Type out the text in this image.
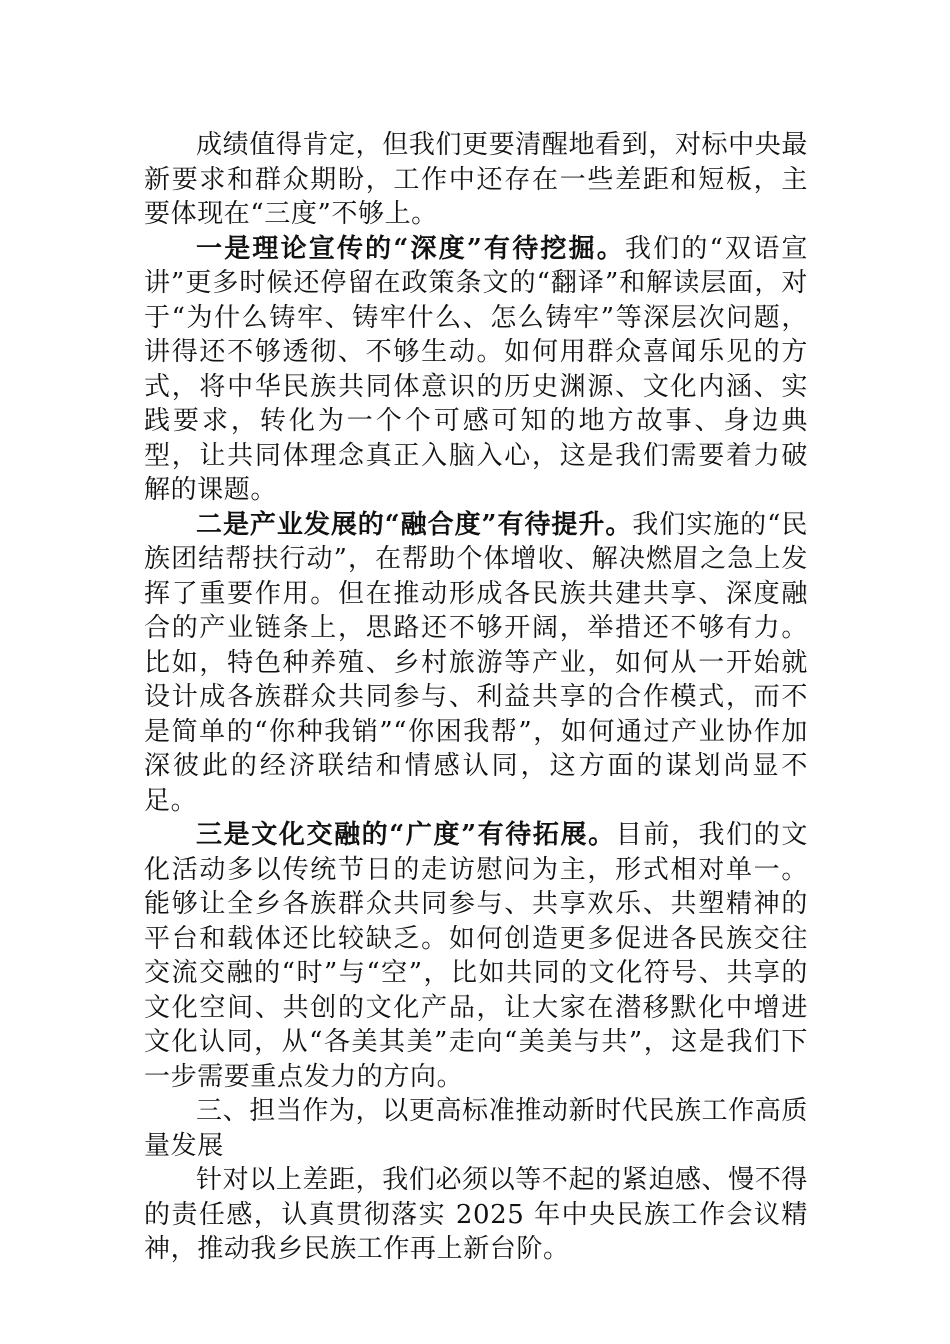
成绩值得肯定，但我们更要清醒地看到，对标中央最新要求和群众期盼，工作中还存在一些差距和短板，主要体现在“三度”不够上。

一是理论宣传的“深度”有待挖掘。我们的“双语宣讲”更多时候还停留在政策条文的“翻译”和解读层面，对于“为什么铸牢、铸牢什么、怎么铸牢”等深层次问题，讲得还不够透彻、不够生动。如何用群众喜闻乐见的方式，将中华民族共同体意识的历史渊源、文化内涵、实践要求，转化为一个个可感可知的地方故事、身边典型，让共同体理念真正入脑入心，这是我们需要着力破解的课题。

二是产业发展的“融合度”有待提升。我们实施的“民族团结帮扶行动”，在帮助个体增收、解决燃眉之急上发挥了重要作用。但在推动形成各民族共建共享、深度融合的产业链条上，思路还不够开阔，举措还不够有力。比如，特色种养殖、乡村旅游等产业，如何从一开始就设计成各族群众共同参与、利益共享的合作模式，而不是简单的“你种我销”“你困我帮”，如何通过产业协作加深彼此的经济联结和情感认同，这方面的谋划尚显不足。

三是文化交融的“广度”有待拓展。目前，我们的文化活动多以传统节日的走访慰问为主，形式相对单一。能够让全乡各族群众共同参与、共享欢乐、共塑精神的平台和载体还比较缺乏。如何创造更多促进各民族交往交流交融的“时”与“空”，比如共同的文化符号、共享的文化空间、共创的文化产品，让大家在潜移默化中增进文化认同，从“各美其美”走向“美美与共”，这是我们下一步需要重点发力的方向。

三、担当作为，以更高标准推动新时代民族工作高质量发展

针对以上差距，我们必须以等不起的紧迫感、慢不得的责任感，认真贯彻落实 2025 年中央民族工作会议精神，推动我乡民族工作再上新台阶。
